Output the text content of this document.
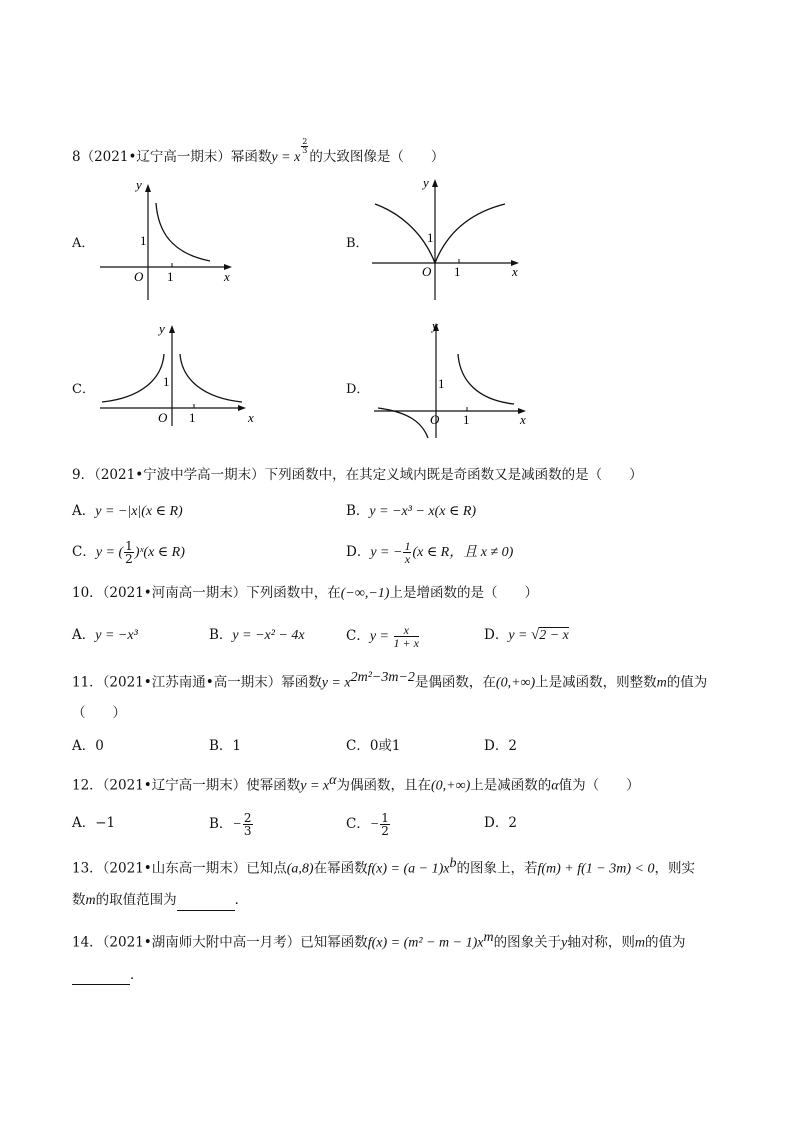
8（2021•辽宁高一期末）幂函数y = x
$\frac{2}{3}$
的大致图像是（　　）
A．
y
x
O 1
1	B．
y
x
O 1
1
C．
y
x
O 1
1
D．
y
x
O 1
1
9．（2021•宁波中学高一期末）下列函数中，在其定义域内既是奇函数又是减函数的是（　　）
A．y = −|x|(x ∈ R)	B．y = −x³ − x(x ∈ R)
C．y = ( $\frac{1}{2}$ )ˣ(x ∈ R)	D．y = − $\frac{1}{x} (x$ ∈ R，且 x ≠ 0)
10．（2021•河南高一期末）下列函数中，在(−∞,−1)上是增函数的是（　　）
A．y = −x³	B．y = −x² − 4x	C．$y = \frac{x}{1 + x}$	D．y = √2 − x
11．（2021•江苏南通•高一期末）幂函数$y = x^{2m^2-3m-2}$是偶函数，在(0,+∞)上是减函数，则整数m的值为
（　　）
A．0	B．1	C．0或1	D．2
12．（2021•辽宁高一期末）使幂函数$y = x^\alpha$为偶函数，且在(0,+∞)上是减函数的α值为（　　）
A．−1	B．− $\frac{2}{3}$	C．− $\frac{1}{2}$	D．2
13．（2021•山东高一期末）已知点(a,8)在幂函数$f(x) = (a - 1)x^b$的图象上，若f(m) + f(1 − 3m) < 0，则实
数m的取值范围为	．
14．（2021•湖南师大附中高一月考）已知幂函数$f(x) = (m^2 - m - 1)x^m$的图象关于y轴对称，则m的值为
．
